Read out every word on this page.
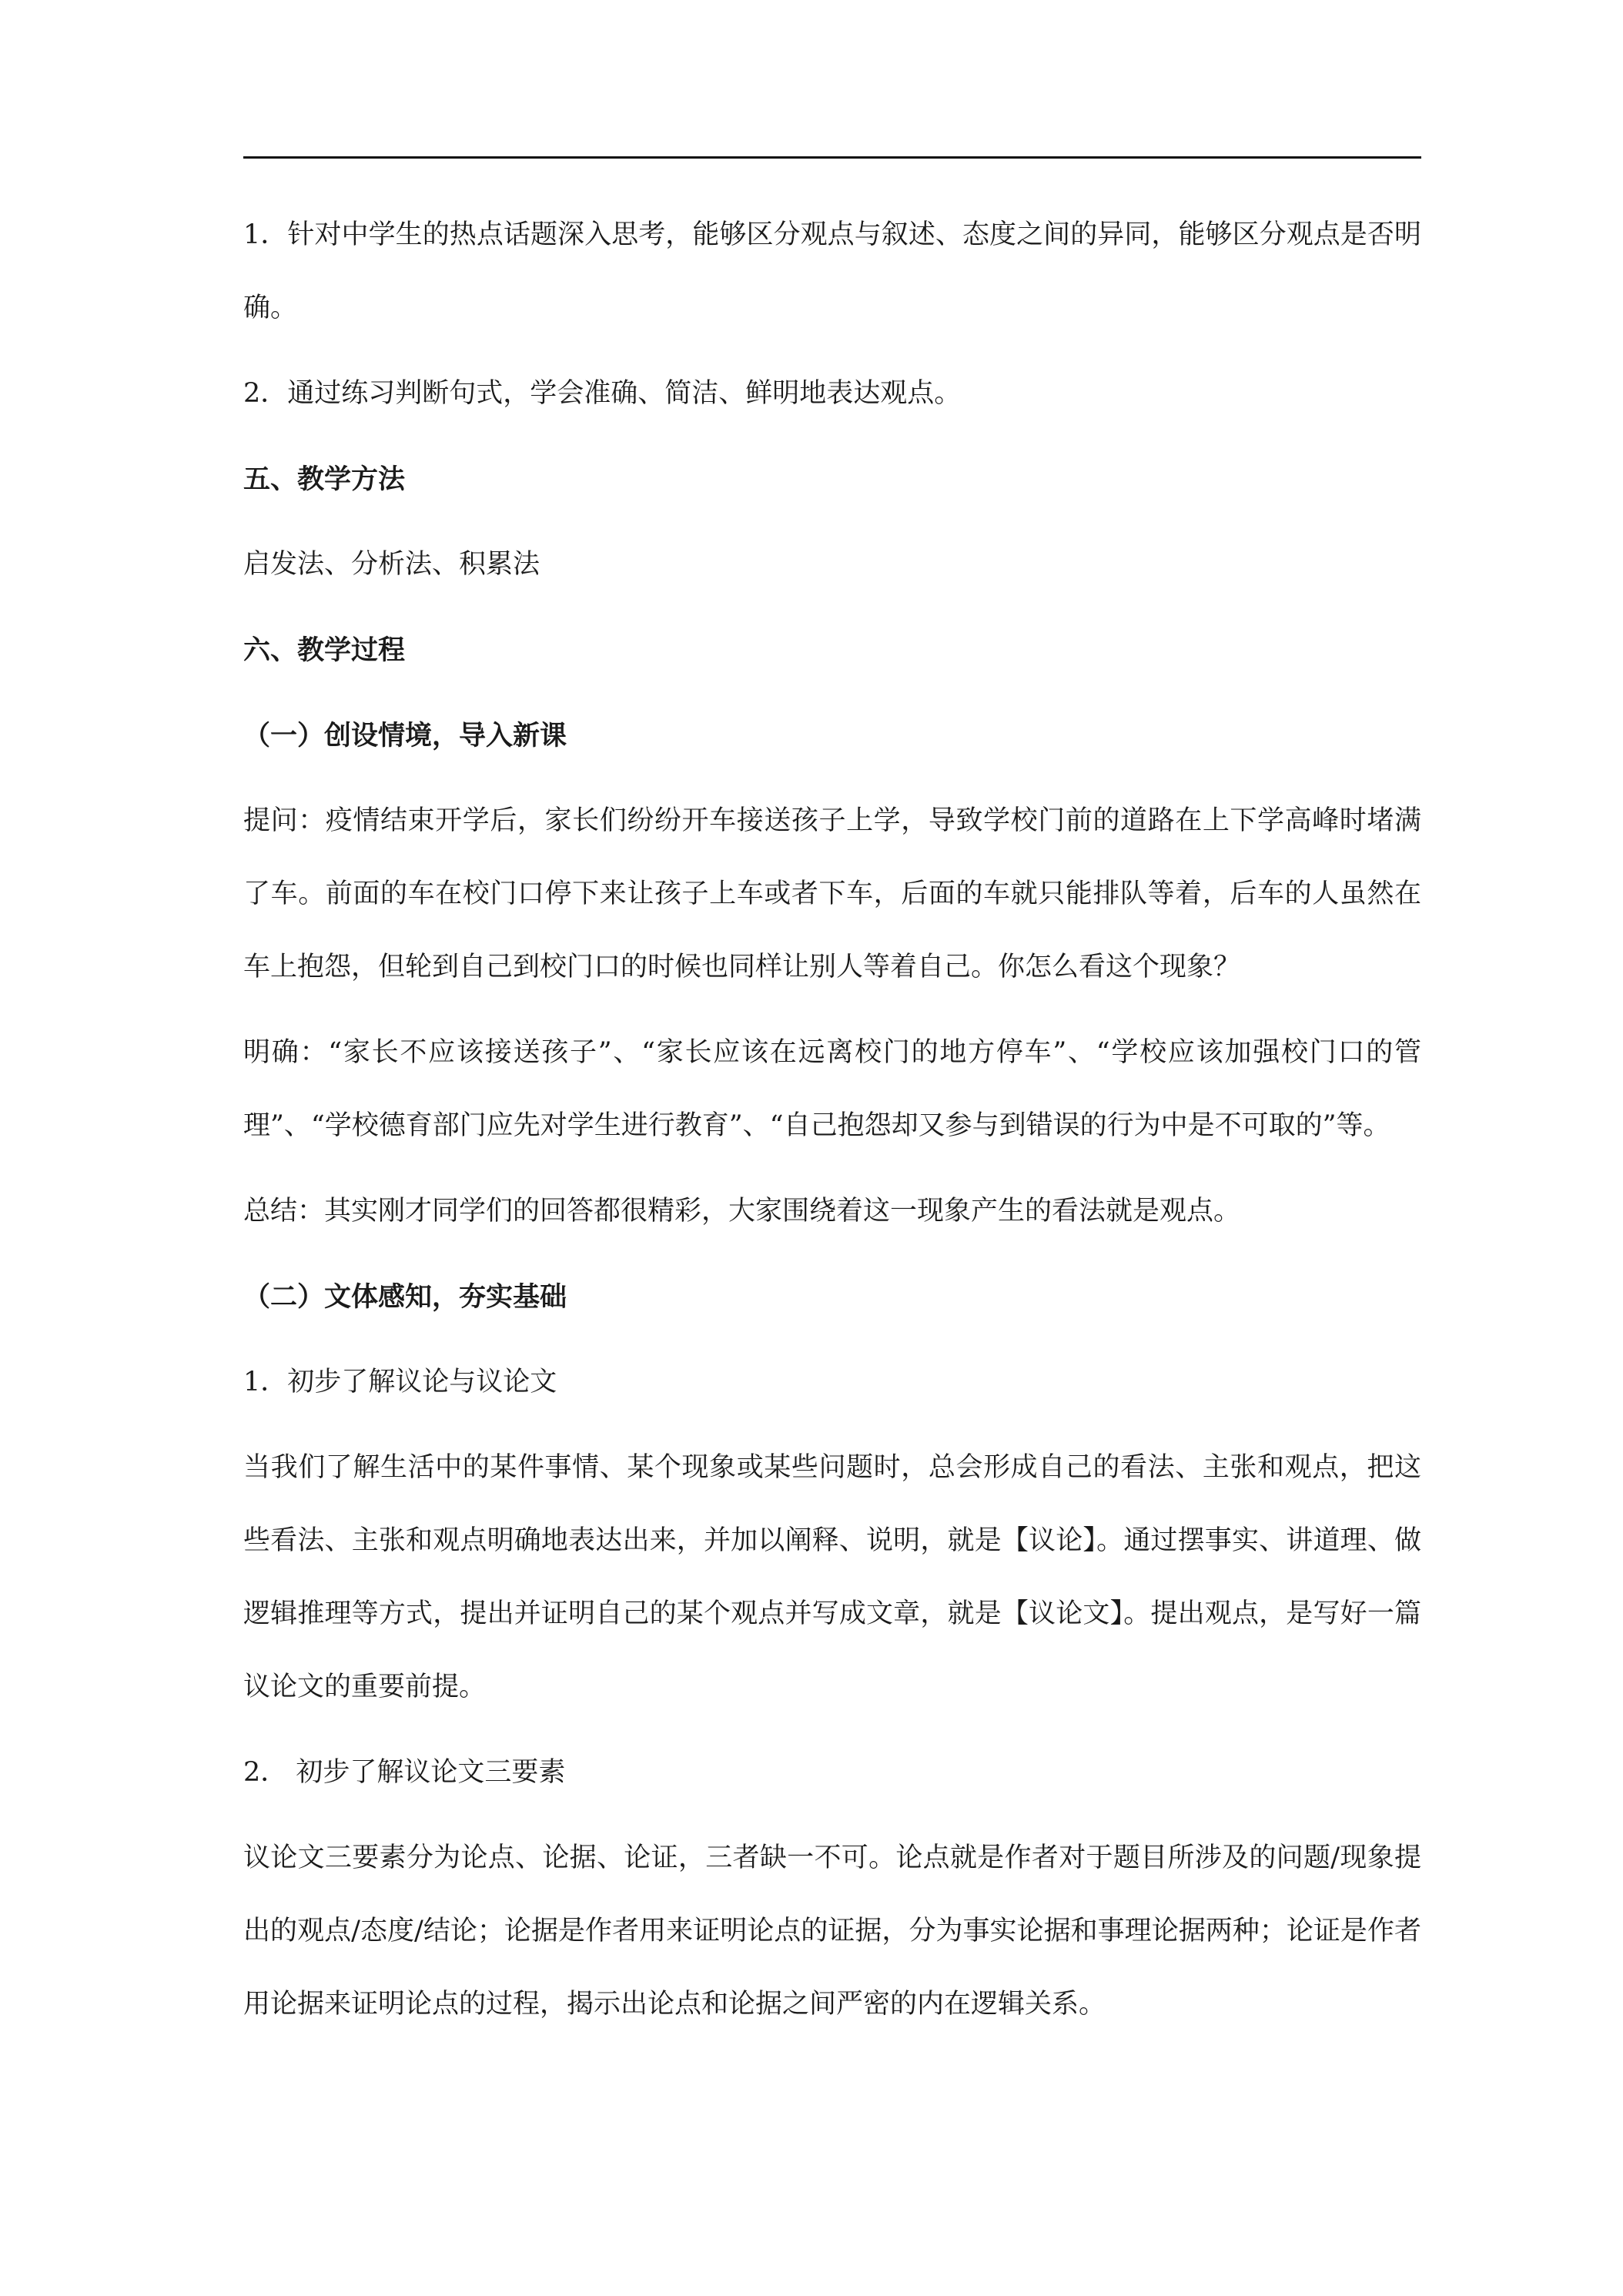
1．针对中学生的热点话题深入思考，能够区分观点与叙述、态度之间的异同，能够区分观点是否明确。

2．通过练习判断句式，学会准确、简洁、鲜明地表达观点。

五、教学方法

启发法、分析法、积累法

六、教学过程

（一）创设情境，导入新课

提问：疫情结束开学后，家长们纷纷开车接送孩子上学，导致学校门前的道路在上下学高峰时堵满了车。前面的车在校门口停下来让孩子上车或者下车，后面的车就只能排队等着，后车的人虽然在车上抱怨，但轮到自己到校门口的时候也同样让别人等着自己。你怎么看这个现象？

明确：“家长不应该接送孩子”、“家长应该在远离校门的地方停车”、“学校应该加强校门口的管理”、“学校德育部门应先对学生进行教育”、“自己抱怨却又参与到错误的行为中是不可取的”等。

总结：其实刚才同学们的回答都很精彩，大家围绕着这一现象产生的看法就是观点。

（二）文体感知，夯实基础

1．初步了解议论与议论文

当我们了解生活中的某件事情、某个现象或某些问题时，总会形成自己的看法、主张和观点，把这些看法、主张和观点明确地表达出来，并加以阐释、说明，就是【议论】。通过摆事实、讲道理、做逻辑推理等方式，提出并证明自己的某个观点并写成文章，就是【议论文】。提出观点，是写好一篇议论文的重要前提。

2． 初步了解议论文三要素

议论文三要素分为论点、论据、论证，三者缺一不可。论点就是作者对于题目所涉及的问题/现象提出的观点/态度/结论；论据是作者用来证明论点的证据，分为事实论据和事理论据两种；论证是作者用论据来证明论点的过程，揭示出论点和论据之间严密的内在逻辑关系。
